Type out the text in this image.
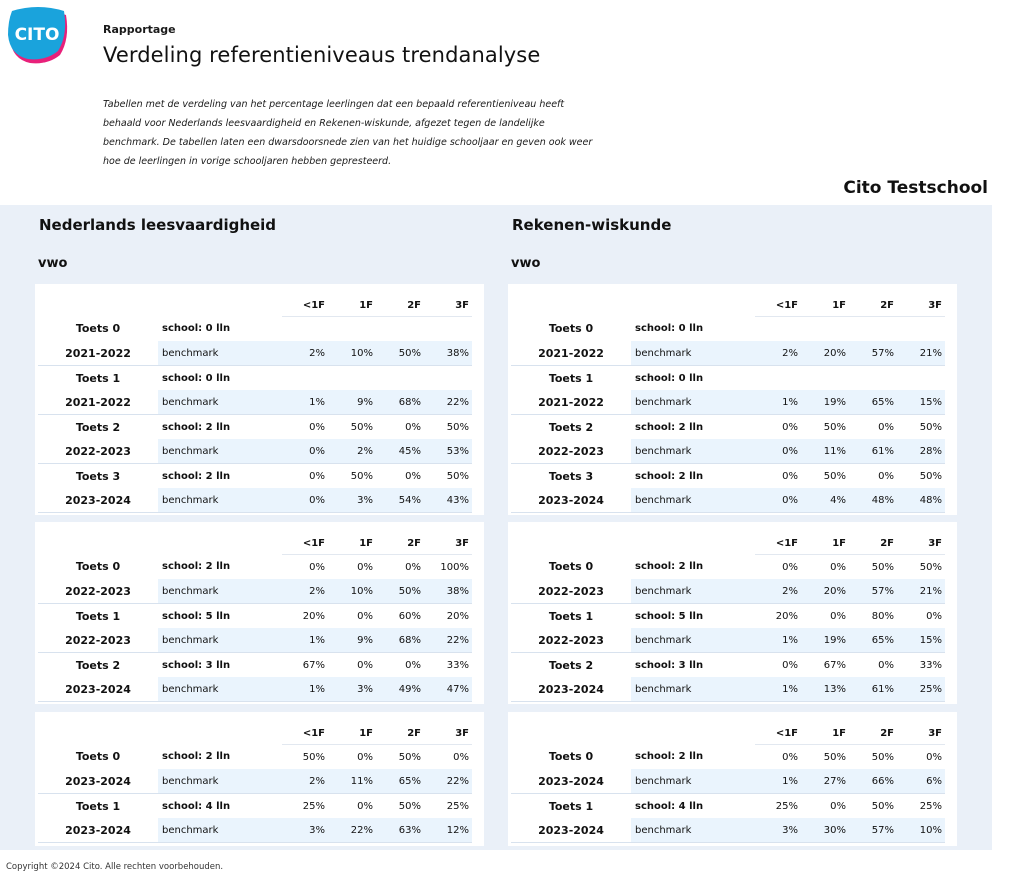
CITO	Rapportage
Verdeling referentieniveaus trendanalyse
Tabellen met de verdeling van het percentage leerlingen dat een bepaald referentieniveau heeft behaald voor Nederlands leesvaardigheid en Rekenen-wiskunde, afgezet tegen de landelijke benchmark. De tabellen laten een dwarsdoorsnede zien van het huidige schooljaar en geven ook weer hoe de leerlingen in vorige schooljaren hebben gepresteerd.
Cito Testschool
Nederlands leesvaardigheid
vwo
		<1F	1F	2F	3F
Toets 0	school: 0 lln				
2021-2022	benchmark	2%	10%	50%	38%
Toets 1	school: 0 lln				
2021-2022	benchmark	1%	9%	68%	22%
Toets 2	school: 2 lln	0%	50%	0%	50%
2022-2023	benchmark	0%	2%	45%	53%
Toets 3	school: 2 lln	0%	50%	0%	50%
2023-2024	benchmark	0%	3%	54%	43%
		<1F	1F	2F	3F
Toets 0	school: 2 lln	0%	0%	0%	100%
2022-2023	benchmark	2%	10%	50%	38%
Toets 1	school: 5 lln	20%	0%	60%	20%
2022-2023	benchmark	1%	9%	68%	22%
Toets 2	school: 3 lln	67%	0%	0%	33%
2023-2024	benchmark	1%	3%	49%	47%
		<1F	1F	2F	3F
Toets 0	school: 2 lln	50%	0%	50%	0%
2023-2024	benchmark	2%	11%	65%	22%
Toets 1	school: 4 lln	25%	0%	50%	25%
2023-2024	benchmark	3%	22%	63%	12%
Rekenen-wiskunde
vwo
		<1F	1F	2F	3F
Toets 0	school: 0 lln				
2021-2022	benchmark	2%	20%	57%	21%
Toets 1	school: 0 lln				
2021-2022	benchmark	1%	19%	65%	15%
Toets 2	school: 2 lln	0%	50%	0%	50%
2022-2023	benchmark	0%	11%	61%	28%
Toets 3	school: 2 lln	0%	50%	0%	50%
2023-2024	benchmark	0%	4%	48%	48%
		<1F	1F	2F	3F
Toets 0	school: 2 lln	0%	0%	50%	50%
2022-2023	benchmark	2%	20%	57%	21%
Toets 1	school: 5 lln	20%	0%	80%	0%
2022-2023	benchmark	1%	19%	65%	15%
Toets 2	school: 3 lln	0%	67%	0%	33%
2023-2024	benchmark	1%	13%	61%	25%
		<1F	1F	2F	3F
Toets 0	school: 2 lln	0%	50%	50%	0%
2023-2024	benchmark	1%	27%	66%	6%
Toets 1	school: 4 lln	25%	0%	50%	25%
2023-2024	benchmark	3%	30%	57%	10%
Copyright ©2024 Cito. Alle rechten voorbehouden.
